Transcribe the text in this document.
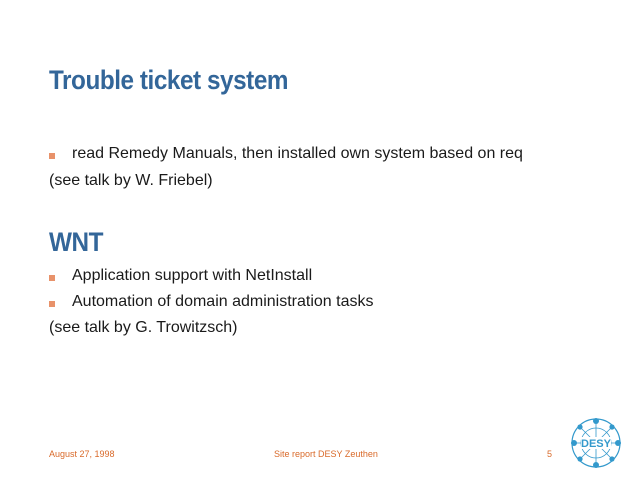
Trouble ticket system
read Remedy Manuals, then installed own system based on req
(see talk by W. Friebel)
WNT
Application support with NetInstall
Automation of domain administration tasks
(see talk by G. Trowitzsch)
August 27, 1998	Site report DESY Zeuthen	5
DESY
